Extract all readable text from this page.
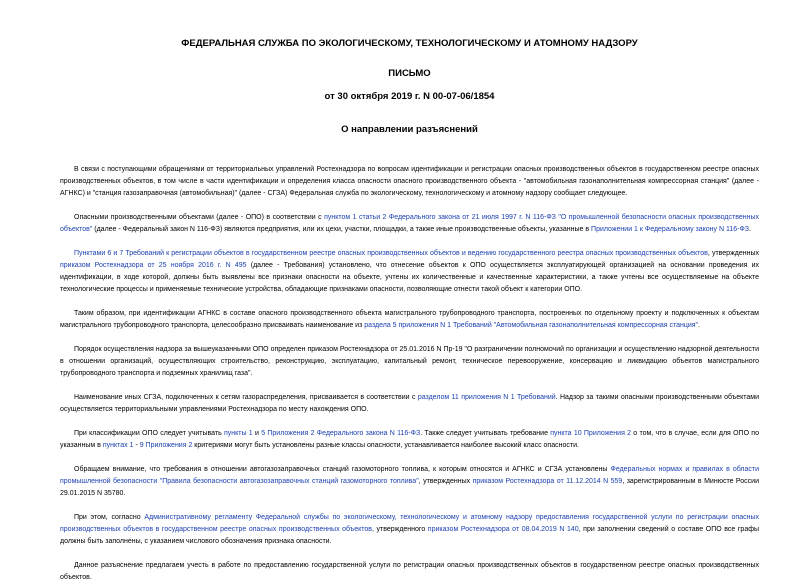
ФЕДЕРАЛЬНАЯ СЛУЖБА ПО ЭКОЛОГИЧЕСКОМУ, ТЕХНОЛОГИЧЕСКОМУ И АТОМНОМУ НАДЗОРУ
ПИСЬМО
от 30 октября 2019 г. N 00-07-06/1854
О направлении разъяснений

В связи с поступающими обращениями от территориальных управлений Ростехнадзора по вопросам идентификации и регистрации опасных производственных объектов в государственном реестре опасных производственных объектов, в том числе в части идентификации и определения класса опасности опасного производственного объекта - "автомобильная газонаполнительная компрессорная станция" (далее - АГНКС) и "станция газозаправочная (автомобильная)" (далее - СГЗА) Федеральная служба по экологическому, технологическому и атомному надзору сообщает следующее.

Опасными производственными объектами (далее - ОПО) в соответствии с пунктом 1 статьи 2 Федерального закона от 21 июля 1997 г. N 116-ФЗ "О промышленной безопасности опасных производственных объектов" (далее - Федеральный закон N 116-ФЗ) являются предприятия, или их цехи, участки, площадки, а также иные производственные объекты, указанные в Приложении 1 к Федеральному закону N 116-ФЗ.

Пунктами 6 и 7 Требований к регистрации объектов в государственном реестре опасных производственных объектов и ведению государственного реестра опасных производственных объектов, утвержденных приказом Ростехнадзора от 25 ноября 2016 г. N 495 (далее - Требования) установлено, что отнесение объектов к ОПО осуществляется эксплуатирующей организацией на основании проведения их идентификации, в ходе которой, должны быть выявлены все признаки опасности на объекте, учтены их количественные и качественные характеристики, а также учтены все осуществляемые на объекте технологические процессы и применяемые технические устройства, обладающие признаками опасности, позволяющие отнести такой объект к категории ОПО.

Таким образом, при идентификации АГНКС в составе опасного производственного объекта магистрального трубопроводного транспорта, построенных по отдельному проекту и подключенных к объектам магистрального трубопроводного транспорта, целесообразно присваивать наименование из раздела 5 приложения N 1 Требований "Автомобильная газонаполнительная компрессорная станция".

Порядок осуществления надзора за вышеуказанными ОПО определен приказом Ростехнадзора от 25.01.2016 N Пр-19 "О разграничении полномочий по организации и осуществлению надзорной деятельности в отношении организаций, осуществляющих строительство, реконструкцию, эксплуатацию, капитальный ремонт, техническое перевооружение, консервацию и ликвидацию объектов магистрального трубопроводного транспорта и подземных хранилищ газа".

Наименование иных СГЗА, подключенных к сетям газораспределения, присваивается в соответствии с разделом 11 приложения N 1 Требований. Надзор за такими опасными производственными объектами осуществляется территориальными управлениями Ростехнадзора по месту нахождения ОПО.

При классификации ОПО следует учитывать пункты 1 и 5 Приложения 2 Федерального закона N 116-ФЗ. Также следует учитывать требование пункта 10 Приложения 2 о том, что в случае, если для ОПО по указанным в пунктах 1 - 9 Приложения 2 критериями могут быть установлены разные классы опасности, устанавливается наиболее высокий класс опасности.

Обращаем внимание, что требования в отношении автогазозаправочных станций газомоторного топлива, к которым относятся и АГНКС и СГЗА установлены Федеральных нормах и правилах в области промышленной безопасности "Правила безопасности автогазозаправочных станций газомоторного топлива", утвержденных приказом Ростехнадзора от 11.12.2014 N 559, зарегистрированным в Минюсте России 29.01.2015 N 35780.

При этом, согласно Административному регламенту Федеральной службы по экологическому, технологическому и атомному надзору предоставления государственной услуги по регистрации опасных производственных объектов в государственном реестре опасных производственных объектов, утвержденного приказом Ростехнадзора от 08.04.2019 N 140, при заполнении сведений о составе ОПО все графы должны быть заполнены, с указанием числового обозначения признака опасности.

Данное разъяснение предлагаем учесть в работе по предоставлению государственной услуги по регистрации опасных производственных объектов в государственном реестре опасных производственных объектов.
